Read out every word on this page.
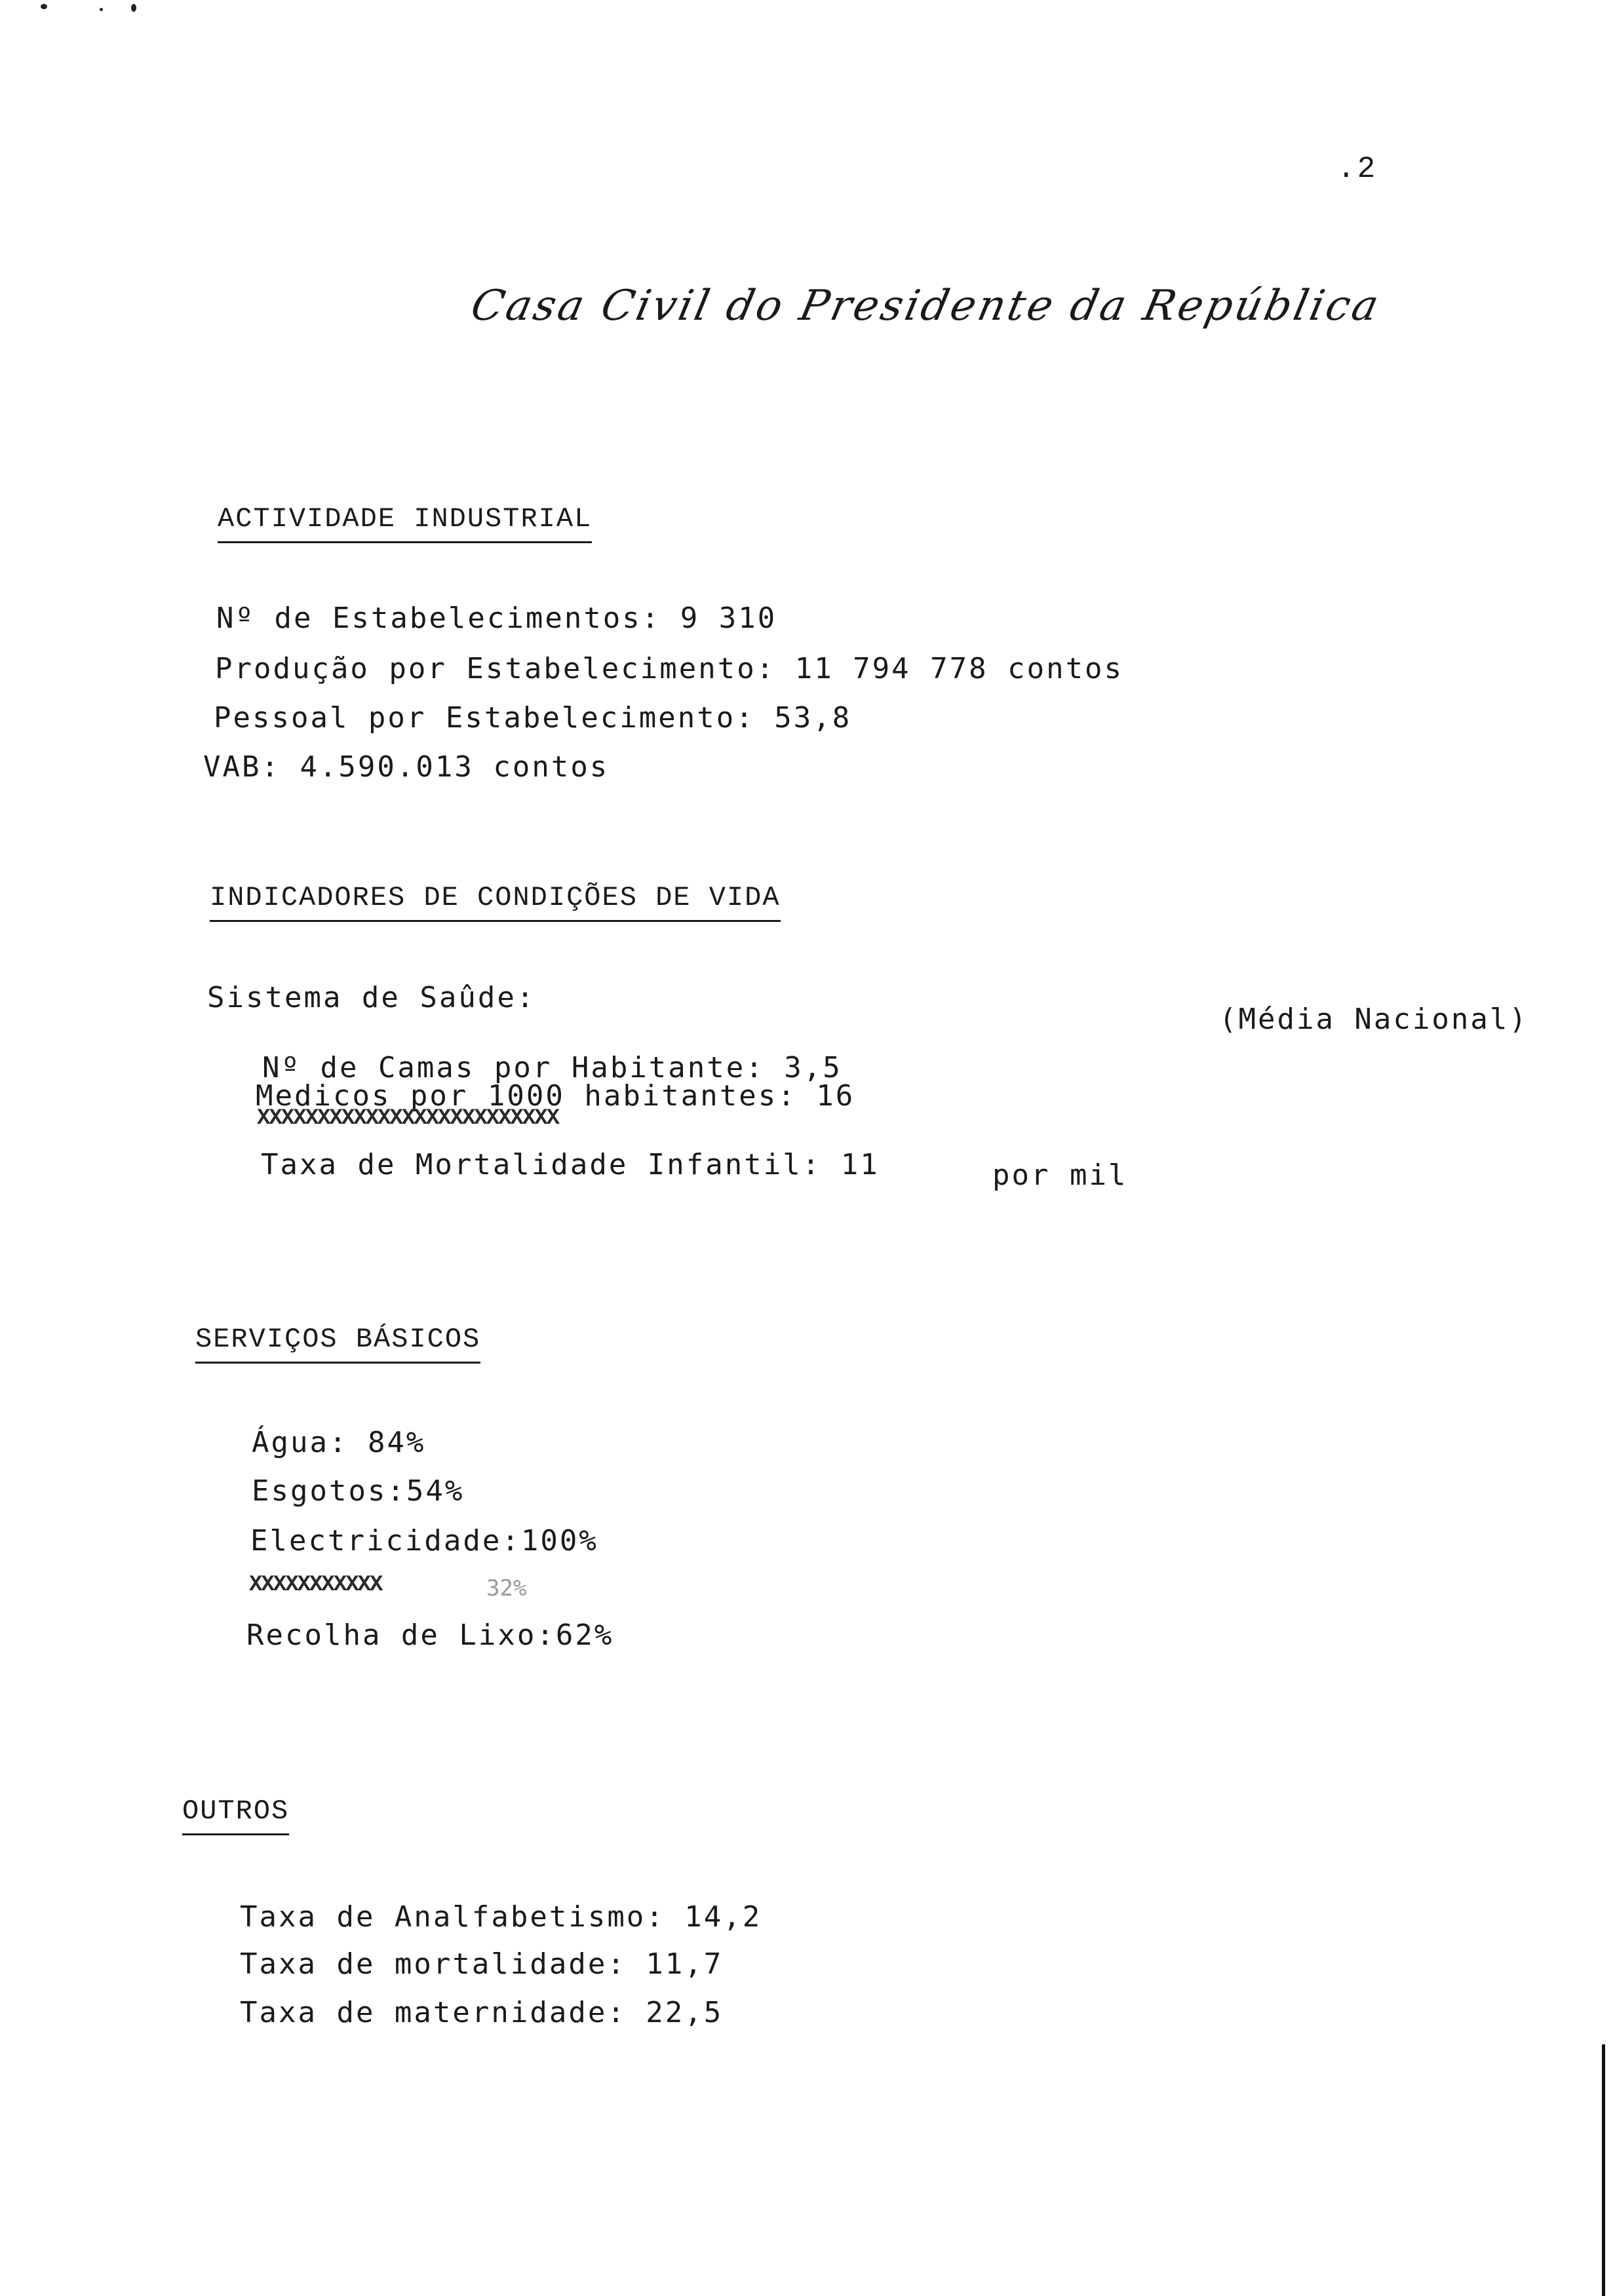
.2
Casa Civil do Presidente da República
ACTIVIDADE INDUSTRIAL
Nº de Estabelecimentos: 9 310
Produção por Estabelecimento: 11 794 778 contos
Pessoal por Estabelecimento: 53,8
VAB: 4.590.013 contos
INDICADORES DE CONDIÇÕES DE VIDA
Sistema de Saûde:
(Média Nacional)
Nº de Camas por Habitante: 3,5
Medicos por 1000 habitantes: 16
XXXXXXXXXXXXXXXXXXXXXXXXX
Taxa de Mortalidade Infantil: 11	por mil
SERVIÇOS BÁSICOS
Água: 84%
Esgotos:54%
Electricidade:100%
XXXXXXXXXXX	32%
Recolha de Lixo:62%
OUTROS
Taxa de Analfabetismo: 14,2
Taxa de mortalidade: 11,7
Taxa de maternidade: 22,5
